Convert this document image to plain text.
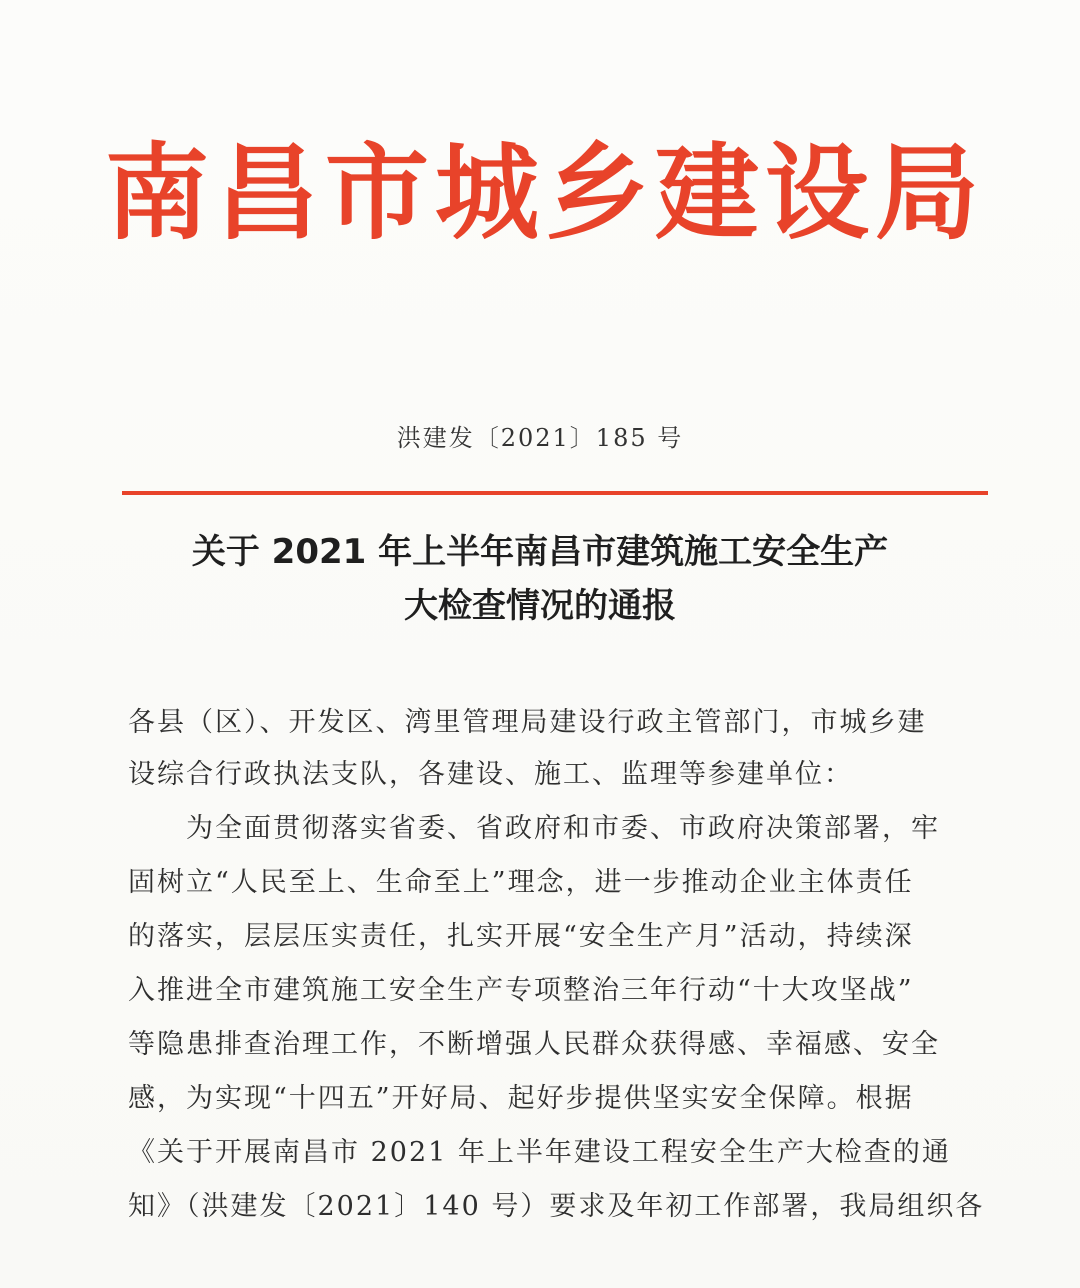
南昌市城乡建设局
洪建发〔2021〕185 号
关于 2021 年上半年南昌市建筑施工安全生产
大检查情况的通报
各县（区）、开发区、湾里管理局建设行政主管部门，市城乡建
设综合行政执法支队，各建设、施工、监理等参建单位：
　　为全面贯彻落实省委、省政府和市委、市政府决策部署，牢
固树立“人民至上、生命至上”理念，进一步推动企业主体责任
的落实，层层压实责任，扎实开展“安全生产月”活动，持续深
入推进全市建筑施工安全生产专项整治三年行动“十大攻坚战”
等隐患排查治理工作，不断增强人民群众获得感、幸福感、安全
感，为实现“十四五”开好局、起好步提供坚实安全保障。根据
《关于开展南昌市 2021 年上半年建设工程安全生产大检查的通
知》（洪建发〔2021〕140 号）要求及年初工作部署，我局组织各
